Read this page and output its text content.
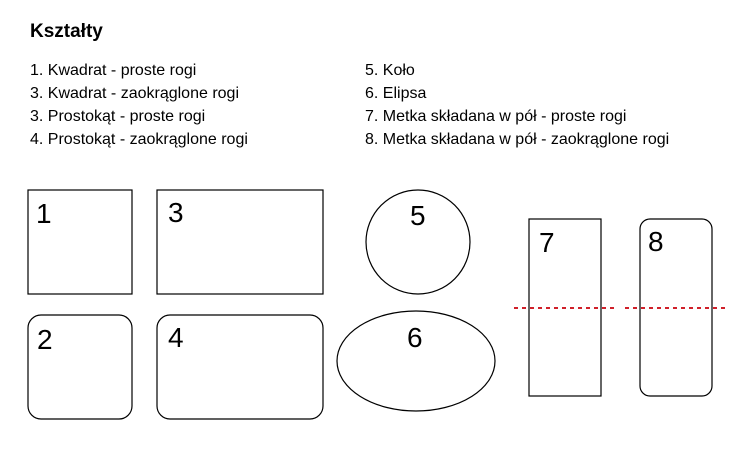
Kształty
1. Kwadrat - proste rogi
3. Kwadrat - zaokrąglone rogi
3. Prostokąt - proste rogi
4. Prostokąt - zaokrąglone rogi
5. Koło
6. Elipsa
7. Metka składana w pół - proste rogi
8. Metka składana w pół - zaokrąglone rogi
1
2
3
4
5
6
7	8
